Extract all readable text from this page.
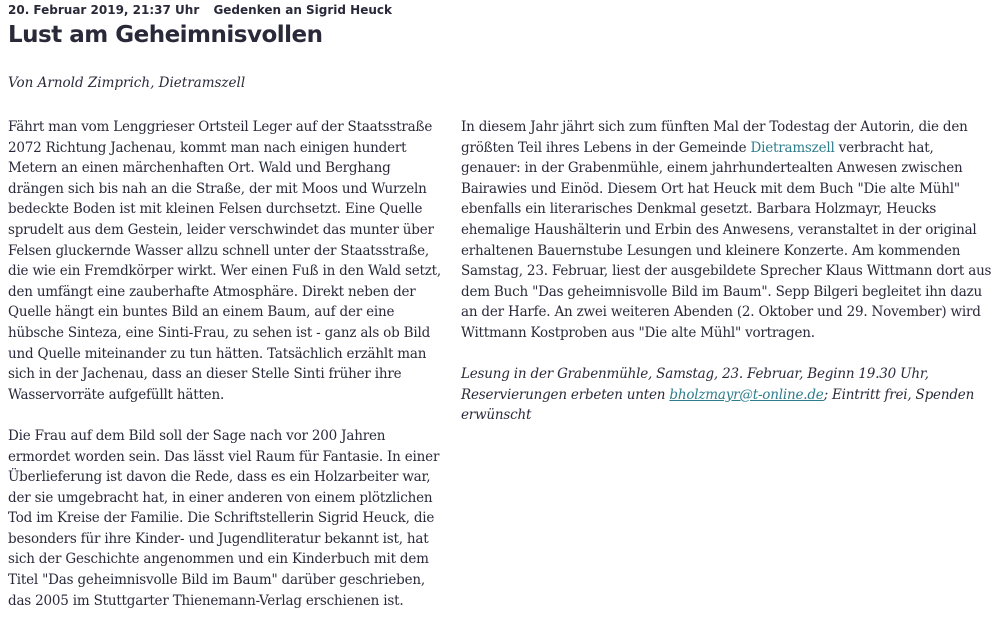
20. Februar 2019, 21:37 Uhr Gedenken an Sigrid Heuck
Lust am Geheimnisvollen

Von Arnold Zimprich, Dietramszell

Fährt man vom Lenggrieser Ortsteil Leger auf der Staatsstraße 2072 Richtung Jachenau, kommt man nach einigen hundert Metern an einen märchenhaften Ort. Wald und Berghang drängen sich bis nah an die Straße, der mit Moos und Wurzeln bedeckte Boden ist mit kleinen Felsen durchsetzt. Eine Quelle sprudelt aus dem Gestein, leider verschwindet das munter über Felsen gluckernde Wasser allzu schnell unter der Staatsstraße, die wie ein Fremdkörper wirkt. Wer einen Fuß in den Wald setzt, den umfängt eine zauberhafte Atmosphäre. Direkt neben der Quelle hängt ein buntes Bild an einem Baum, auf der eine hübsche Sinteza, eine Sinti-Frau, zu sehen ist - ganz als ob Bild und Quelle miteinander zu tun hätten. Tatsächlich erzählt man sich in der Jachenau, dass an dieser Stelle Sinti früher ihre Wasservorräte aufgefüllt hätten.

Die Frau auf dem Bild soll der Sage nach vor 200 Jahren ermordet worden sein. Das lässt viel Raum für Fantasie. In einer Überlieferung ist davon die Rede, dass es ein Holzarbeiter war, der sie umgebracht hat, in einer anderen von einem plötzlichen Tod im Kreise der Familie. Die Schriftstellerin Sigrid Heuck, die besonders für ihre Kinder- und Jugendliteratur bekannt ist, hat sich der Geschichte angenommen und ein Kinderbuch mit dem Titel "Das geheimnisvolle Bild im Baum" darüber geschrieben, das 2005 im Stuttgarter Thienemann-Verlag erschienen ist.

In diesem Jahr jährt sich zum fünften Mal der Todestag der Autorin, die den größten Teil ihres Lebens in der Gemeinde Dietramszell verbracht hat, genauer: in der Grabenmühle, einem jahrhundertealten Anwesen zwischen Bairawies und Einöd. Diesem Ort hat Heuck mit dem Buch "Die alte Mühl" ebenfalls ein literarisches Denkmal gesetzt. Barbara Holzmayr, Heucks ehemalige Haushälterin und Erbin des Anwesens, veranstaltet in der original erhaltenen Bauernstube Lesungen und kleinere Konzerte. Am kommenden Samstag, 23. Februar, liest der ausgebildete Sprecher Klaus Wittmann dort aus dem Buch "Das geheimnisvolle Bild im Baum". Sepp Bilgeri begleitet ihn dazu an der Harfe. An zwei weiteren Abenden (2. Oktober und 29. November) wird Wittmann Kostproben aus "Die alte Mühl" vortragen.

Lesung in der Grabenmühle, Samstag, 23. Februar, Beginn 19.30 Uhr, Reservierungen erbeten unten bholzmayr@t-online.de; Eintritt frei, Spenden erwünscht
